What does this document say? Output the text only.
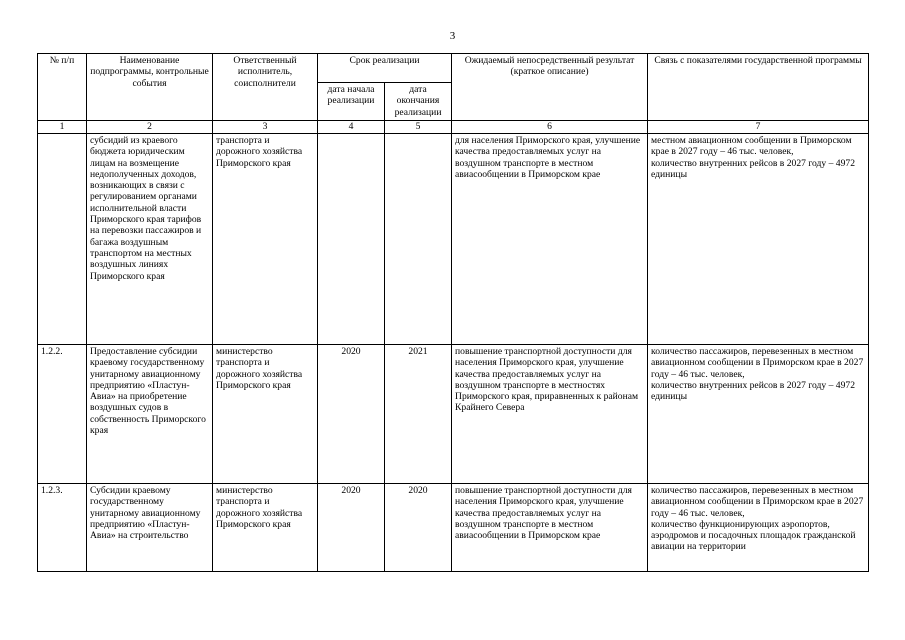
3
№ п/п	Наименование подпрограммы, контрольные события	Ответственный исполнитель, соисполнители	Срок реализации		Ожидаемый непосредственный результат (краткое описание)	Связь с показателями государственной программы
			дата начала реализации	дата окончания реализации		
1	2	3	4	5	6	7
	субсидий из краевого бюджета юридическим лицам на возмещение недополученных доходов, возникающих в связи с регулированием органами исполнительной власти Приморского края тарифов на перевозки пассажиров и багажа воздушным транспортом на местных воздушных линиях Приморского края	транспорта и дорожного хозяйства Приморского края			для населения Приморского края, улучшение качества предоставляемых услуг на воздушном транспорте в местном авиасообщении в Приморском крае	местном авиационном сообщении в Приморском крае в 2027 году – 46 тыс. человек,
количество внутренних рейсов в 2027 году – 4972 единицы
1.2.2.	Предоставление субсидии краевому государственному унитарному авиационному предприятию «Пластун-Авиа» на приобретение воздушных судов в собственность Приморского края	министерство транспорта и дорожного хозяйства Приморского края	2020	2021	повышение транспортной доступности для населения Приморского края, улучшение качества предоставляемых услуг на воздушном транспорте в местностях Приморского края, приравненных к районам Крайнего Севера	количество пассажиров, перевезенных в местном авиационном сообщении в Приморском крае в 2027 году – 46 тыс. человек,
количество внутренних рейсов в 2027 году – 4972 единицы
1.2.3.	Субсидии краевому государственному унитарному авиационному предприятию «Пластун-Авиа» на строительство	министерство транспорта и дорожного хозяйства Приморского края	2020	2020	повышение транспортной доступности для населения Приморского края, улучшение качества предоставляемых услуг на воздушном транспорте в местном авиасообщении в Приморском крае	количество пассажиров, перевезенных в местном авиационном сообщении в Приморском крае в 2027 году – 46 тыс. человек,
количество функционирующих аэропортов, аэродромов и посадочных площадок гражданской авиации на территории
